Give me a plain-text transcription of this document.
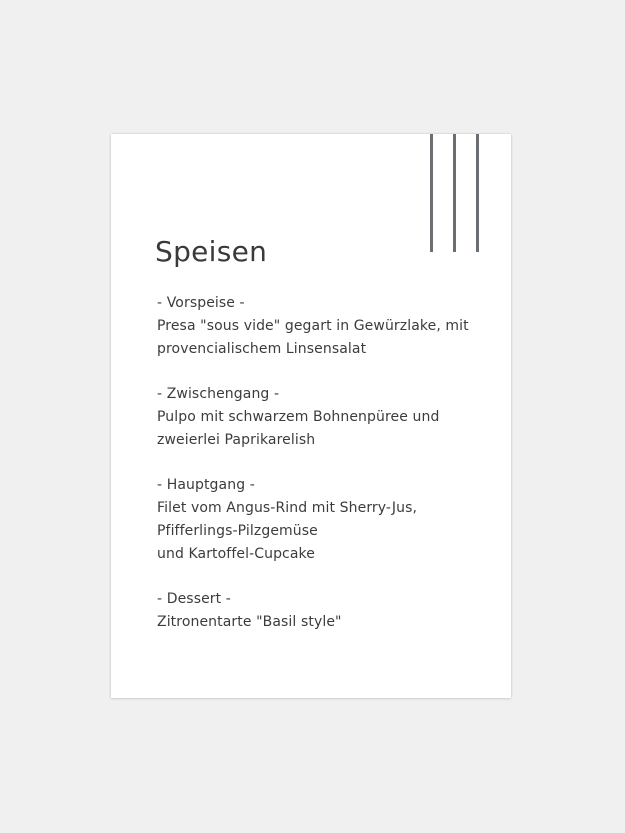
Speisen
- Vorspeise -
Presa "sous vide" gegart in Gewürzlake, mit
provencialischem Linsensalat
- Zwischengang -
Pulpo mit schwarzem Bohnenpüree und
zweierlei Paprikarelish
- Hauptgang -
Filet vom Angus-Rind mit Sherry-Jus,
Pfifferlings-Pilzgemüse
und Kartoffel-Cupcake
- Dessert -
Zitronentarte "Basil style"
